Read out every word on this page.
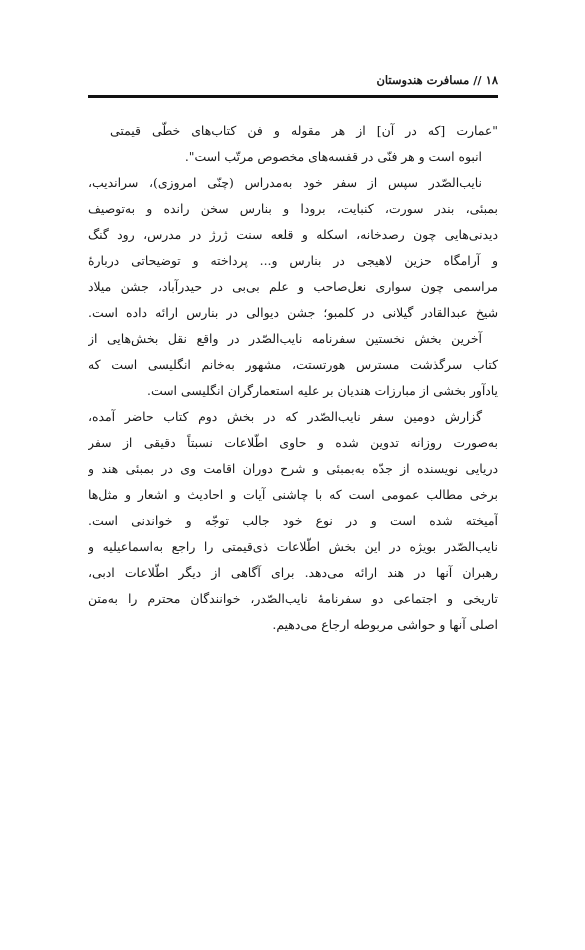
۱۸ // مسافرت هندوستان
"عمارت [که در آن] از هر مقوله و فن کتاب‌های خطّی قیمتی
انبوه است و هر فنّی در قفسه‌های مخصوص مرتّب است".
نایب‌الصّدر سپس از سفر خود به‌مدراس (چنّی امروزی)، سراندیب،
بمبئی، بندر سورت، کنبایت، برودا و بنارس سخن رانده و به‌توصیف
دیدنی‌هایی چون رصدخانه، اسکله و قلعه سنت ژرژ در مدرس، رود گنگ
و آرامگاه حزین لاهیجی در بنارس و... پرداخته و توضیحاتی دربارهٔ
مراسمی چون سواری نعل‌صاحب و علم بی‌بی در حیدرآباد، جشن میلاد
شیخ عبدالقادر گیلانی در کلمبو؛ جشن دیوالی در بنارس ارائه داده است.
آخرین بخش نخستین سفرنامه نایب‌الصّدر در واقع نقل بخش‌هایی از
کتاب سرگذشت مسترس هورتستت، مشهور به‌خانم انگلیسی است که
یادآور بخشی از مبارزات هندیان بر علیه استعمارگران انگلیسی است.
گزارش دومین سفر نایب‌الصّدر که در بخش دوم کتاب حاضر آمده،
به‌صورت روزانه تدوین شده و حاوی اطّلاعات نسبتاً دقیقی از سفر
دریایی نویسنده از جدّه به‌بمبئی و شرح دوران اقامت وی در بمبئی هند و
برخی مطالب عمومی است که با چاشنی آیات و احادیث و اشعار و مثل‌ها
آمیخته شده است و در نوع خود جالب توجّه و خواندنی است.
نایب‌الصّدر بویژه در این بخش اطّلاعات ذی‌قیمتی را راجع به‌اسماعیلیه و
رهبران آنها در هند ارائه می‌دهد. برای آگاهی از دیگر اطّلاعات ادبی،
تاریخی و اجتماعی دو سفرنامهٔ نایب‌الصّدر، خوانندگان محترم را به‌متن
اصلی آنها و حواشی مربوطه ارجاع می‌دهیم.
